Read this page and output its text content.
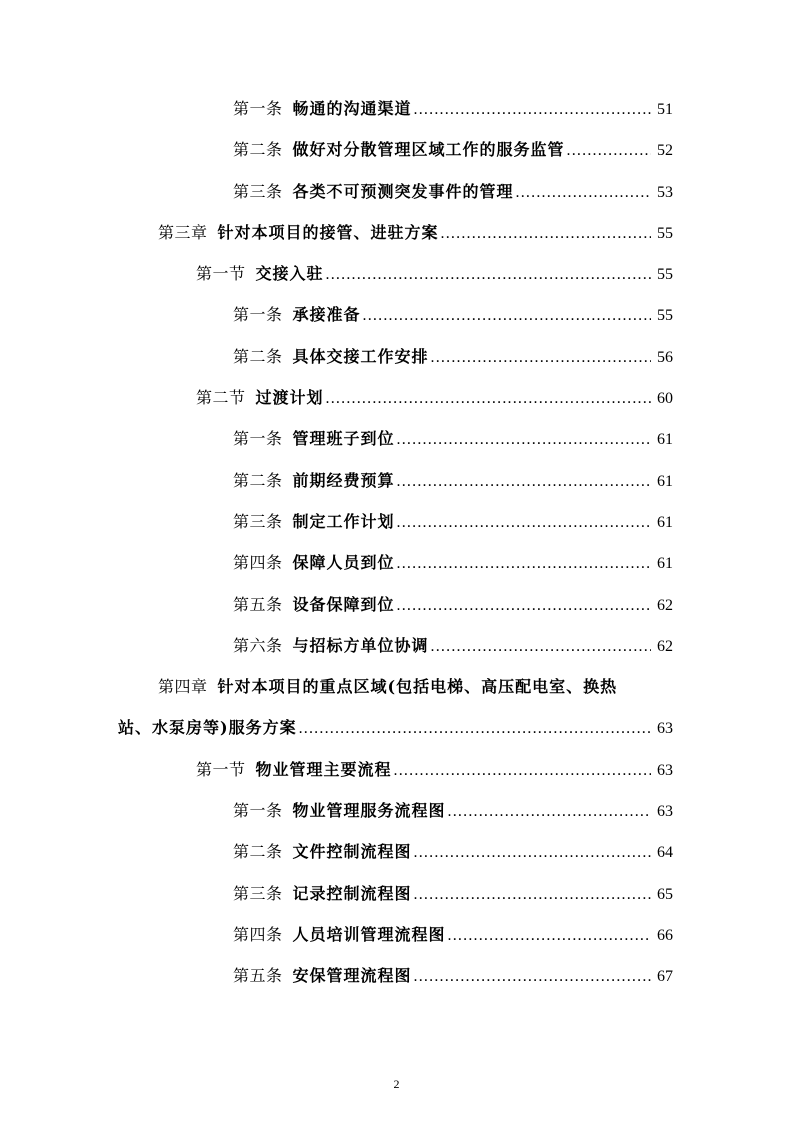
第一条 畅通的沟通渠道 .....	51
第二条 做好对分散管理区域工作的服务监管 .....	52
第三条 各类不可预测突发事件的管理 .....	53
第三章 针对本项目的接管、进驻方案 .....	55
第一节 交接入驻 .....	55
第一条 承接准备 .....	55
第二条 具体交接工作安排 .....	56
第二节 过渡计划 .....	60
第一条 管理班子到位 .....	61
第二条 前期经费预算 .....	61
第三条 制定工作计划 .....	61
第四条 保障人员到位 .....	61
第五条 设备保障到位 .....	62
第六条 与招标方单位协调 .....	62
第四章 针对本项目的重点区域(包括电梯、高压配电室、换热
站、水泵房等)服务方案 .....	63
第一节 物业管理主要流程 .....	63
第一条 物业管理服务流程图 .....	63
第二条 文件控制流程图 .....	64
第三条 记录控制流程图 .....	65
第四条 人员培训管理流程图 .....	66
第五条 安保管理流程图 .....	67
2
